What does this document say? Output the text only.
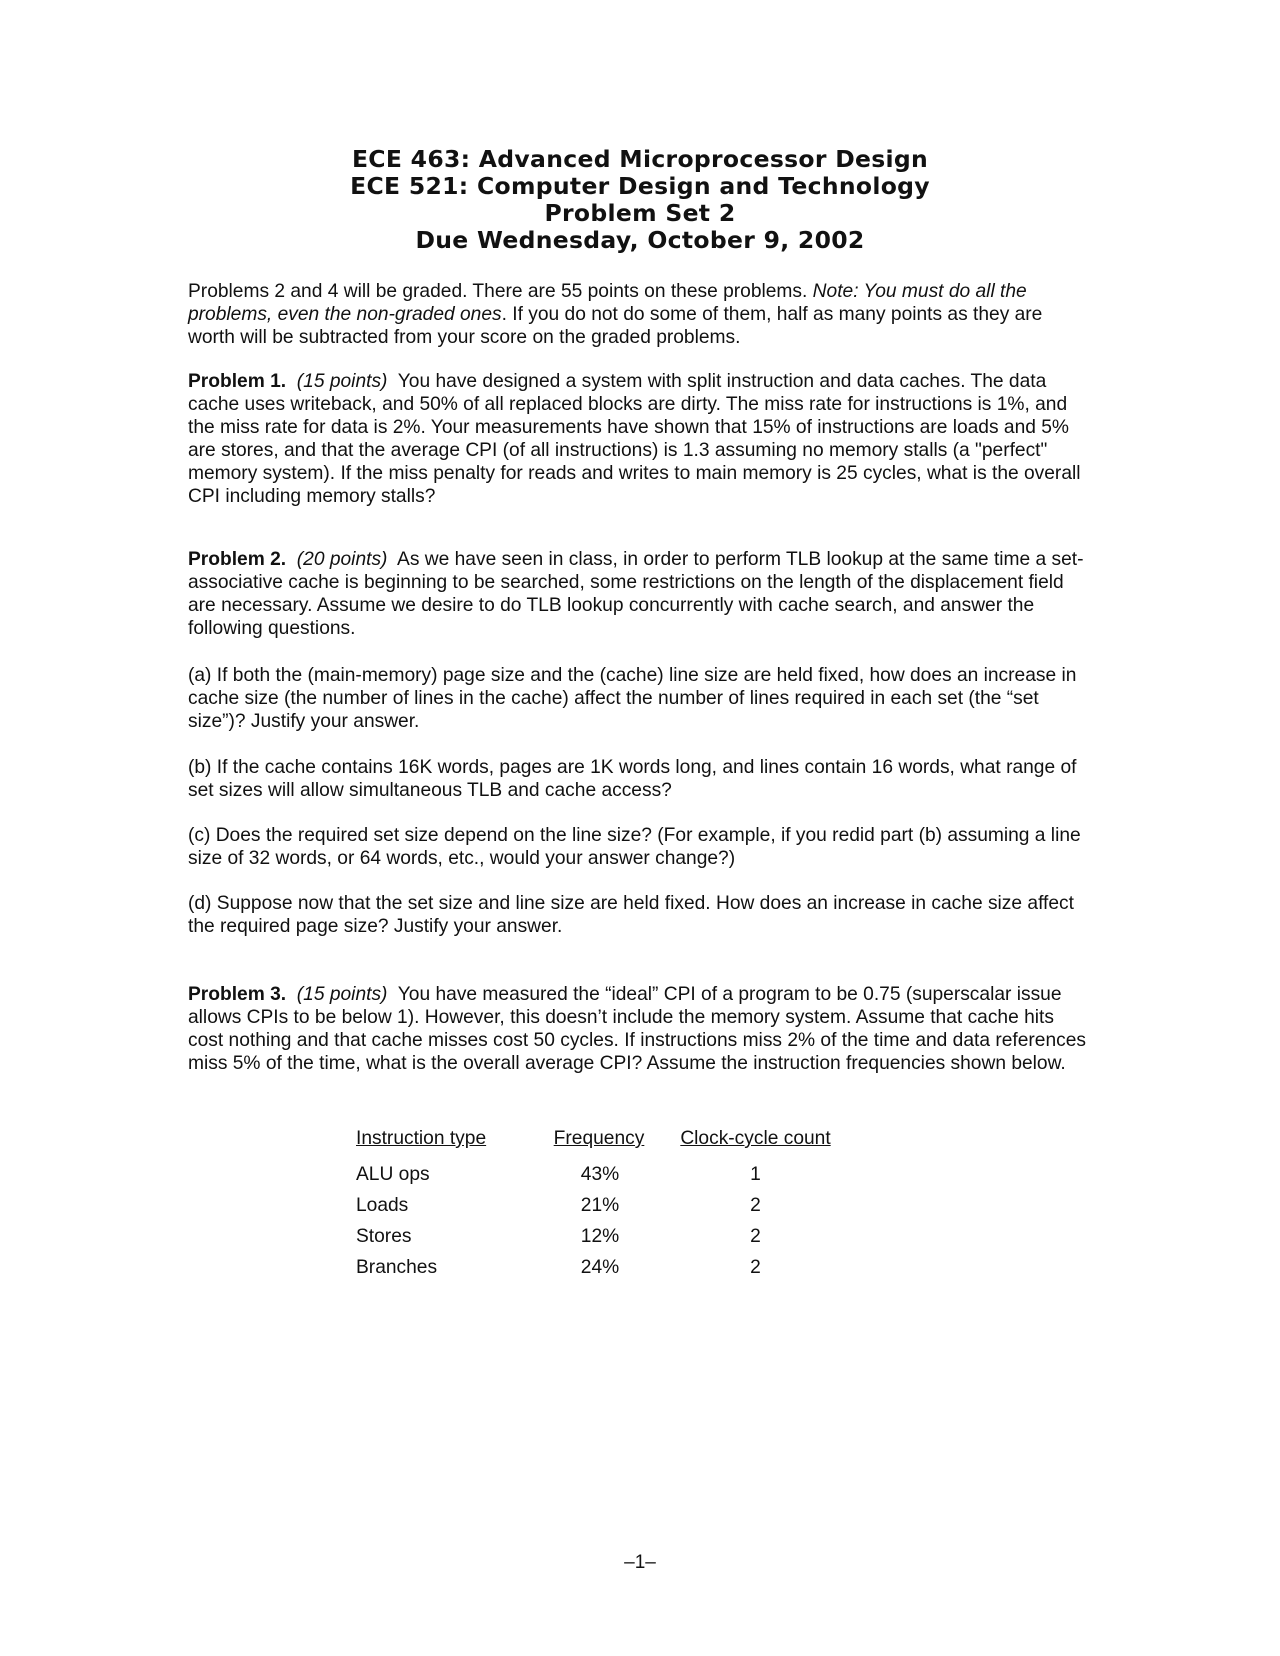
ECE 463: Advanced Microprocessor Design
ECE 521: Computer Design and Technology
Problem Set 2
Due Wednesday, October 9, 2002

Problems 2 and 4 will be graded. There are 55 points on these problems. Note: You must do all the problems, even the non-graded ones. If you do not do some of them, half as many points as they are worth will be subtracted from your score on the graded problems.

Problem 1. (15 points) You have designed a system with split instruction and data caches. The data cache uses writeback, and 50% of all replaced blocks are dirty. The miss rate for instructions is 1%, and the miss rate for data is 2%. Your measurements have shown that 15% of instructions are loads and 5% are stores, and that the average CPI (of all instructions) is 1.3 assuming no memory stalls (a "perfect" memory system). If the miss penalty for reads and writes to main memory is 25 cycles, what is the overall CPI including memory stalls?

Problem 2. (20 points) As we have seen in class, in order to perform TLB lookup at the same time a set-associative cache is beginning to be searched, some restrictions on the length of the displacement field are necessary. Assume we desire to do TLB lookup concurrently with cache search, and answer the following questions.

(a) If both the (main-memory) page size and the (cache) line size are held fixed, how does an increase in cache size (the number of lines in the cache) affect the number of lines required in each set (the “set size”)? Justify your answer.

(b) If the cache contains 16K words, pages are 1K words long, and lines contain 16 words, what range of set sizes will allow simultaneous TLB and cache access?

(c) Does the required set size depend on the line size? (For example, if you redid part (b) assuming a line size of 32 words, or 64 words, etc., would your answer change?)

(d) Suppose now that the set size and line size are held fixed. How does an increase in cache size affect the required page size? Justify your answer.

Problem 3. (15 points) You have measured the “ideal” CPI of a program to be 0.75 (superscalar issue allows CPIs to be below 1). However, this doesn’t include the memory system. Assume that cache hits cost nothing and that cache misses cost 50 cycles. If instructions miss 2% of the time and data references miss 5% of the time, what is the overall average CPI? Assume the instruction frequencies shown below.

Instruction type	Frequency	Clock-cycle count
ALU ops	43%	1
Loads	21%	2
Stores	12%	2
Branches	24%	2
–1–
